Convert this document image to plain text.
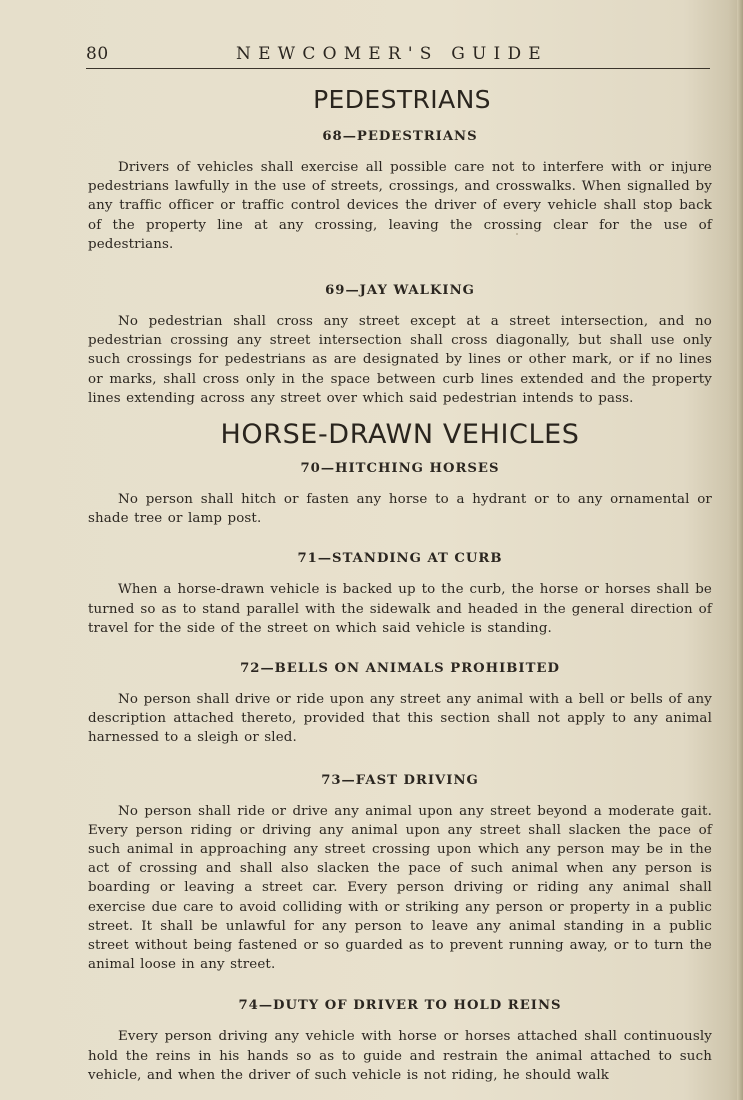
80	NEWCOMER'S GUIDE
PEDESTRIANS
68—PEDESTRIANS

Drivers of vehicles shall exercise all possible care not to interfere with or injure pedestrians lawfully in the use of streets, crossings, and crosswalks. When signalled by any traffic officer or traffic control devices the driver of every vehicle shall stop back of the property line at any crossing, leaving the crossing clear for the use of pedestrians.

69—JAY WALKING

No pedestrian shall cross any street except at a street intersection, and no pedestrian crossing any street intersection shall cross diagonally, but shall use only such crossings for pedestrians as are designated by lines or other mark, or if no lines or marks, shall cross only in the space between curb lines extended and the property lines extending across any street over which said pedestrian intends to pass.

HORSE-DRAWN VEHICLES
70—HITCHING HORSES

No person shall hitch or fasten any horse to a hydrant or to any ornamental or shade tree or lamp post.

71—STANDING AT CURB

When a horse-drawn vehicle is backed up to the curb, the horse or horses shall be turned so as to stand parallel with the sidewalk and headed in the general direction of travel for the side of the street on which said vehicle is standing.

72—BELLS ON ANIMALS PROHIBITED

No person shall drive or ride upon any street any animal with a bell or bells of any description attached thereto, provided that this section shall not apply to any animal harnessed to a sleigh or sled.

73—FAST DRIVING

No person shall ride or drive any animal upon any street beyond a moderate gait. Every person riding or driving any animal upon any street shall slacken the pace of such animal in approaching any street crossing upon which any person may be in the act of crossing and shall also slacken the pace of such animal when any person is boarding or leaving a street car. Every person driving or riding any animal shall exercise due care to avoid colliding with or striking any person or property in a public street. It shall be unlawful for any person to leave any animal standing in a public street without being fastened or so guarded as to prevent running away, or to turn the animal loose in any street.

74—DUTY OF DRIVER TO HOLD REINS

Every person driving any vehicle with horse or horses attached shall continuously hold the reins in his hands so as to guide and restrain the animal attached to such vehicle, and when the driver of such vehicle is not riding, he should walk
